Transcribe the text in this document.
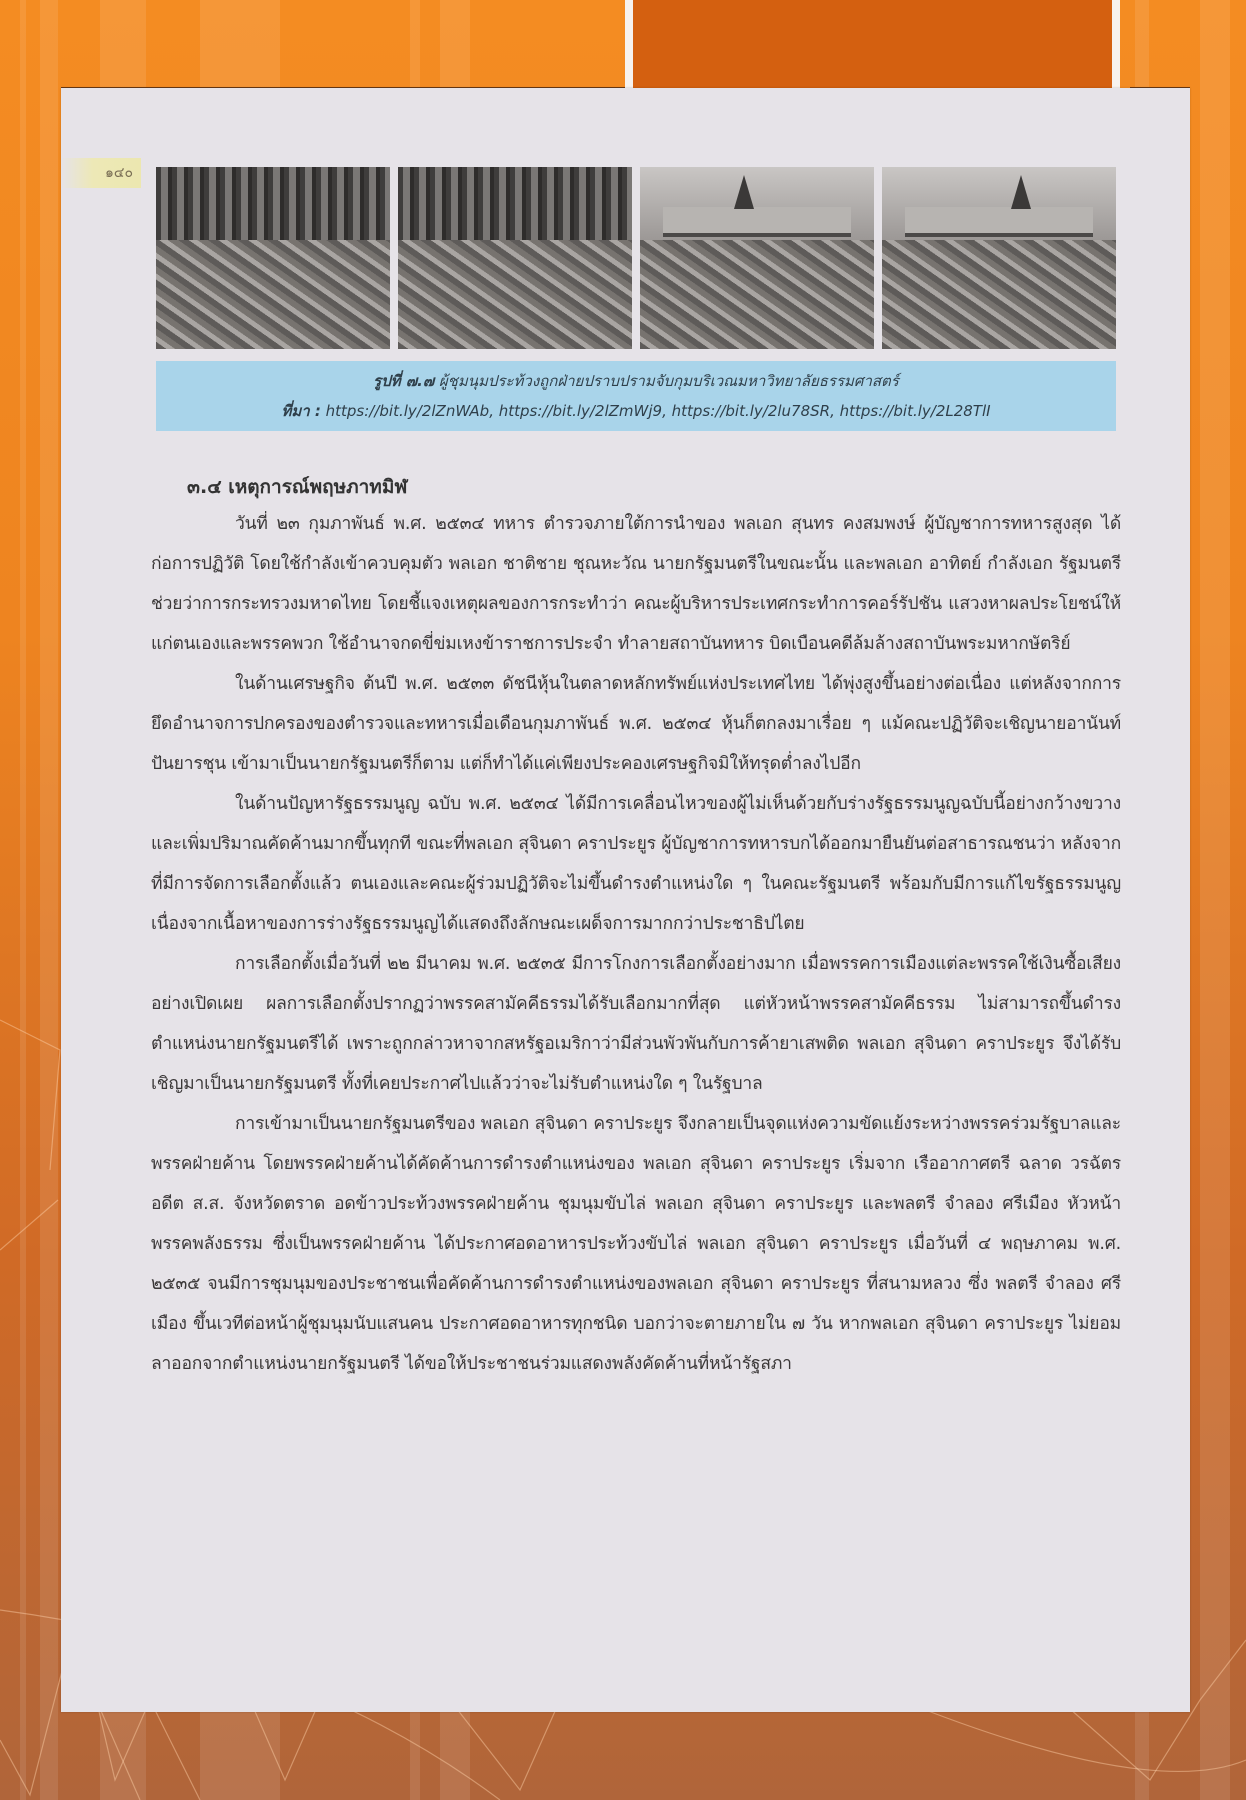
๑๔๐
รูปที่ ๗.๗ ผู้ชุมนุมประท้วงถูกฝ่ายปราบปรามจับกุมบริเวณมหาวิทยาลัยธรรมศาสตร์
ที่มา : https://bit.ly/2lZnWAb, https://bit.ly/2lZmWj9, https://bit.ly/2lu78SR, https://bit.ly/2L28TlI
๓.๔ เหตุการณ์พฤษภาทมิฬ

วันที่ ๒๓ กุมภาพันธ์ พ.ศ. ๒๕๓๔ ทหาร ตำรวจภายใต้การนำของ พลเอก สุนทร คงสมพงษ์ ผู้บัญชาการทหารสูงสุด ได้ก่อการปฏิวัติ โดยใช้กำลังเข้าควบคุมตัว พลเอก ชาติชาย ชุณหะวัณ นายกรัฐมนตรีในขณะนั้น และพลเอก อาทิตย์ กำลังเอก รัฐมนตรีช่วยว่าการกระทรวงมหาดไทย โดยชี้แจงเหตุผลของการกระทำว่า คณะผู้บริหารประเทศกระทำการคอร์รัปชัน แสวงหาผลประโยชน์ให้แก่ตนเองและพรรคพวก ใช้อำนาจกดขี่ข่มเหงข้าราชการประจำ ทำลายสถาบันทหาร บิดเบือนคดีล้มล้างสถาบันพระมหากษัตริย์

ในด้านเศรษฐกิจ ต้นปี พ.ศ. ๒๕๓๓ ดัชนีหุ้นในตลาดหลักทรัพย์แห่งประเทศไทย ได้พุ่งสูงขึ้นอย่างต่อเนื่อง แต่หลังจากการยึดอำนาจการปกครองของตำรวจและทหารเมื่อเดือนกุมภาพันธ์ พ.ศ. ๒๕๓๔ หุ้นก็ตกลงมาเรื่อย ๆ แม้คณะปฏิวัติจะเชิญนายอานันท์ ปันยารชุน เข้ามาเป็นนายกรัฐมนตรีก็ตาม แต่ก็ทำได้แค่เพียงประคองเศรษฐกิจมิให้ทรุดต่ำลงไปอีก

ในด้านปัญหารัฐธรรมนูญ ฉบับ พ.ศ. ๒๕๓๔ ได้มีการเคลื่อนไหวของผู้ไม่เห็นด้วยกับร่างรัฐธรรมนูญฉบับนี้อย่างกว้างขวางและเพิ่มปริมาณคัดค้านมากขึ้นทุกที ขณะที่พลเอก สุจินดา คราประยูร ผู้บัญชาการทหารบกได้ออกมายืนยันต่อสาธารณชนว่า หลังจากที่มีการจัดการเลือกตั้งแล้ว ตนเองและคณะผู้ร่วมปฏิวัติจะไม่ขึ้นดำรงตำแหน่งใด ๆ ในคณะรัฐมนตรี พร้อมกับมีการแก้ไขรัฐธรรมนูญ เนื่องจากเนื้อหาของการร่างรัฐธรรมนูญได้แสดงถึงลักษณะเผด็จการมากกว่าประชาธิปไตย

การเลือกตั้งเมื่อวันที่ ๒๒ มีนาคม พ.ศ. ๒๕๓๕ มีการโกงการเลือกตั้งอย่างมาก เมื่อพรรคการเมืองแต่ละพรรคใช้เงินซื้อเสียงอย่างเปิดเผย ผลการเลือกตั้งปรากฏว่าพรรคสามัคคีธรรมได้รับเลือกมากที่สุด แต่หัวหน้าพรรคสามัคคีธรรม ไม่สามารถขึ้นดำรงตำแหน่งนายกรัฐมนตรีได้ เพราะถูกกล่าวหาจากสหรัฐอเมริกาว่ามีส่วนพัวพันกับการค้ายาเสพติด พลเอก สุจินดา คราประยูร จึงได้รับเชิญมาเป็นนายกรัฐมนตรี ทั้งที่เคยประกาศไปแล้วว่าจะไม่รับตำแหน่งใด ๆ ในรัฐบาล

การเข้ามาเป็นนายกรัฐมนตรีของ พลเอก สุจินดา คราประยูร จึงกลายเป็นจุดแห่งความขัดแย้งระหว่างพรรคร่วมรัฐบาลและพรรคฝ่ายค้าน โดยพรรคฝ่ายค้านได้คัดค้านการดำรงตำแหน่งของ พลเอก สุจินดา คราประยูร เริ่มจาก เรืออากาศตรี ฉลาด วรฉัตร อดีต ส.ส. จังหวัดตราด อดข้าวประท้วงพรรคฝ่ายค้าน ชุมนุมขับไล่ พลเอก สุจินดา คราประยูร และพลตรี จำลอง ศรีเมือง หัวหน้าพรรคพลังธรรม ซึ่งเป็นพรรคฝ่ายค้าน ได้ประกาศอดอาหารประท้วงขับไล่ พลเอก สุจินดา คราประยูร เมื่อวันที่ ๔ พฤษภาคม พ.ศ. ๒๕๓๕ จนมีการชุมนุมของประชาชนเพื่อคัดค้านการดำรงตำแหน่งของพลเอก สุจินดา คราประยูร ที่สนามหลวง ซึ่ง พลตรี จำลอง ศรีเมือง ขึ้นเวทีต่อหน้าผู้ชุมนุมนับแสนคน ประกาศอดอาหารทุกชนิด บอกว่าจะตายภายใน ๗ วัน หากพลเอก สุจินดา คราประยูร ไม่ยอมลาออกจากตำแหน่งนายกรัฐมนตรี ได้ขอให้ประชาชนร่วมแสดงพลังคัดค้านที่หน้ารัฐสภา
